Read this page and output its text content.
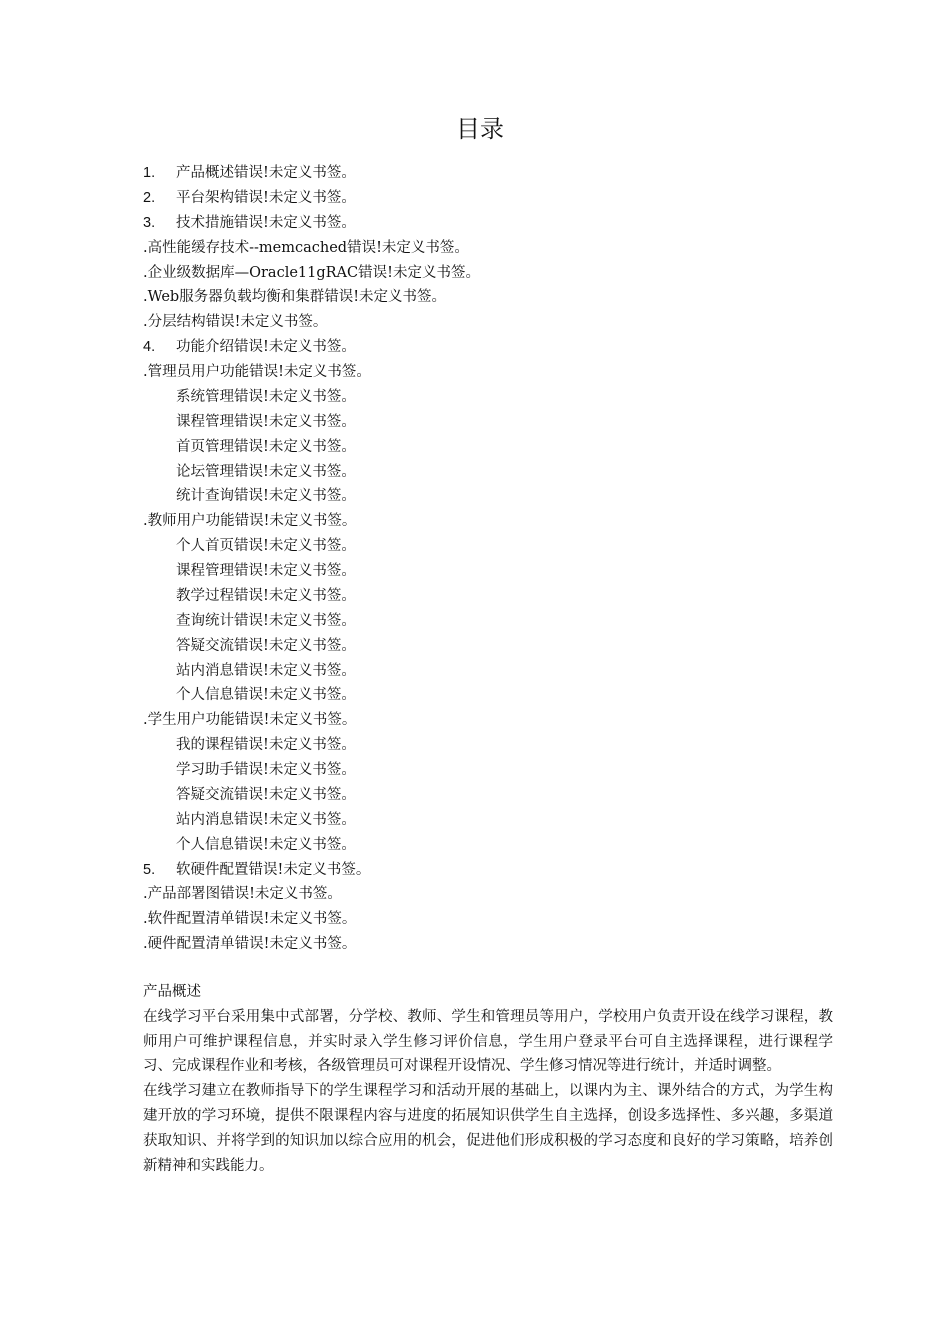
目录
1.	产品概述错误!未定义书签。
2.	平台架构错误!未定义书签。
3.	技术措施错误!未定义书签。
.高性能缓存技术--memcached错误!未定义书签。
.企业级数据库—Oracle11gRAC错误!未定义书签。
.Web服务器负载均衡和集群错误!未定义书签。
.分层结构错误!未定义书签。
4.	功能介绍错误!未定义书签。
.管理员用户功能错误!未定义书签。
系统管理错误!未定义书签。
课程管理错误!未定义书签。
首页管理错误!未定义书签。
论坛管理错误!未定义书签。
统计查询错误!未定义书签。
.教师用户功能错误!未定义书签。
个人首页错误!未定义书签。
课程管理错误!未定义书签。
教学过程错误!未定义书签。
查询统计错误!未定义书签。
答疑交流错误!未定义书签。
站内消息错误!未定义书签。
个人信息错误!未定义书签。
.学生用户功能错误!未定义书签。
我的课程错误!未定义书签。
学习助手错误!未定义书签。
答疑交流错误!未定义书签。
站内消息错误!未定义书签。
个人信息错误!未定义书签。
5.	软硬件配置错误!未定义书签。
.产品部署图错误!未定义书签。
.软件配置清单错误!未定义书签。
.硬件配置清单错误!未定义书签。
产品概述

在线学习平台采用集中式部署，分学校、教师、学生和管理员等用户，学校用户负责开设在线学习课程，教师用户可维护课程信息，并实时录入学生修习评价信息，学生用户登录平台可自主选择课程，进行课程学习、完成课程作业和考核，各级管理员可对课程开设情况、学生修习情况等进行统计，并适时调整。

在线学习建立在教师指导下的学生课程学习和活动开展的基础上，以课内为主、课外结合的方式，为学生构建开放的学习环境，提供不限课程内容与进度的拓展知识供学生自主选择，创设多选择性、多兴趣，多渠道获取知识、并将学到的知识加以综合应用的机会，促进他们形成积极的学习态度和良好的学习策略，培养创新精神和实践能力。
